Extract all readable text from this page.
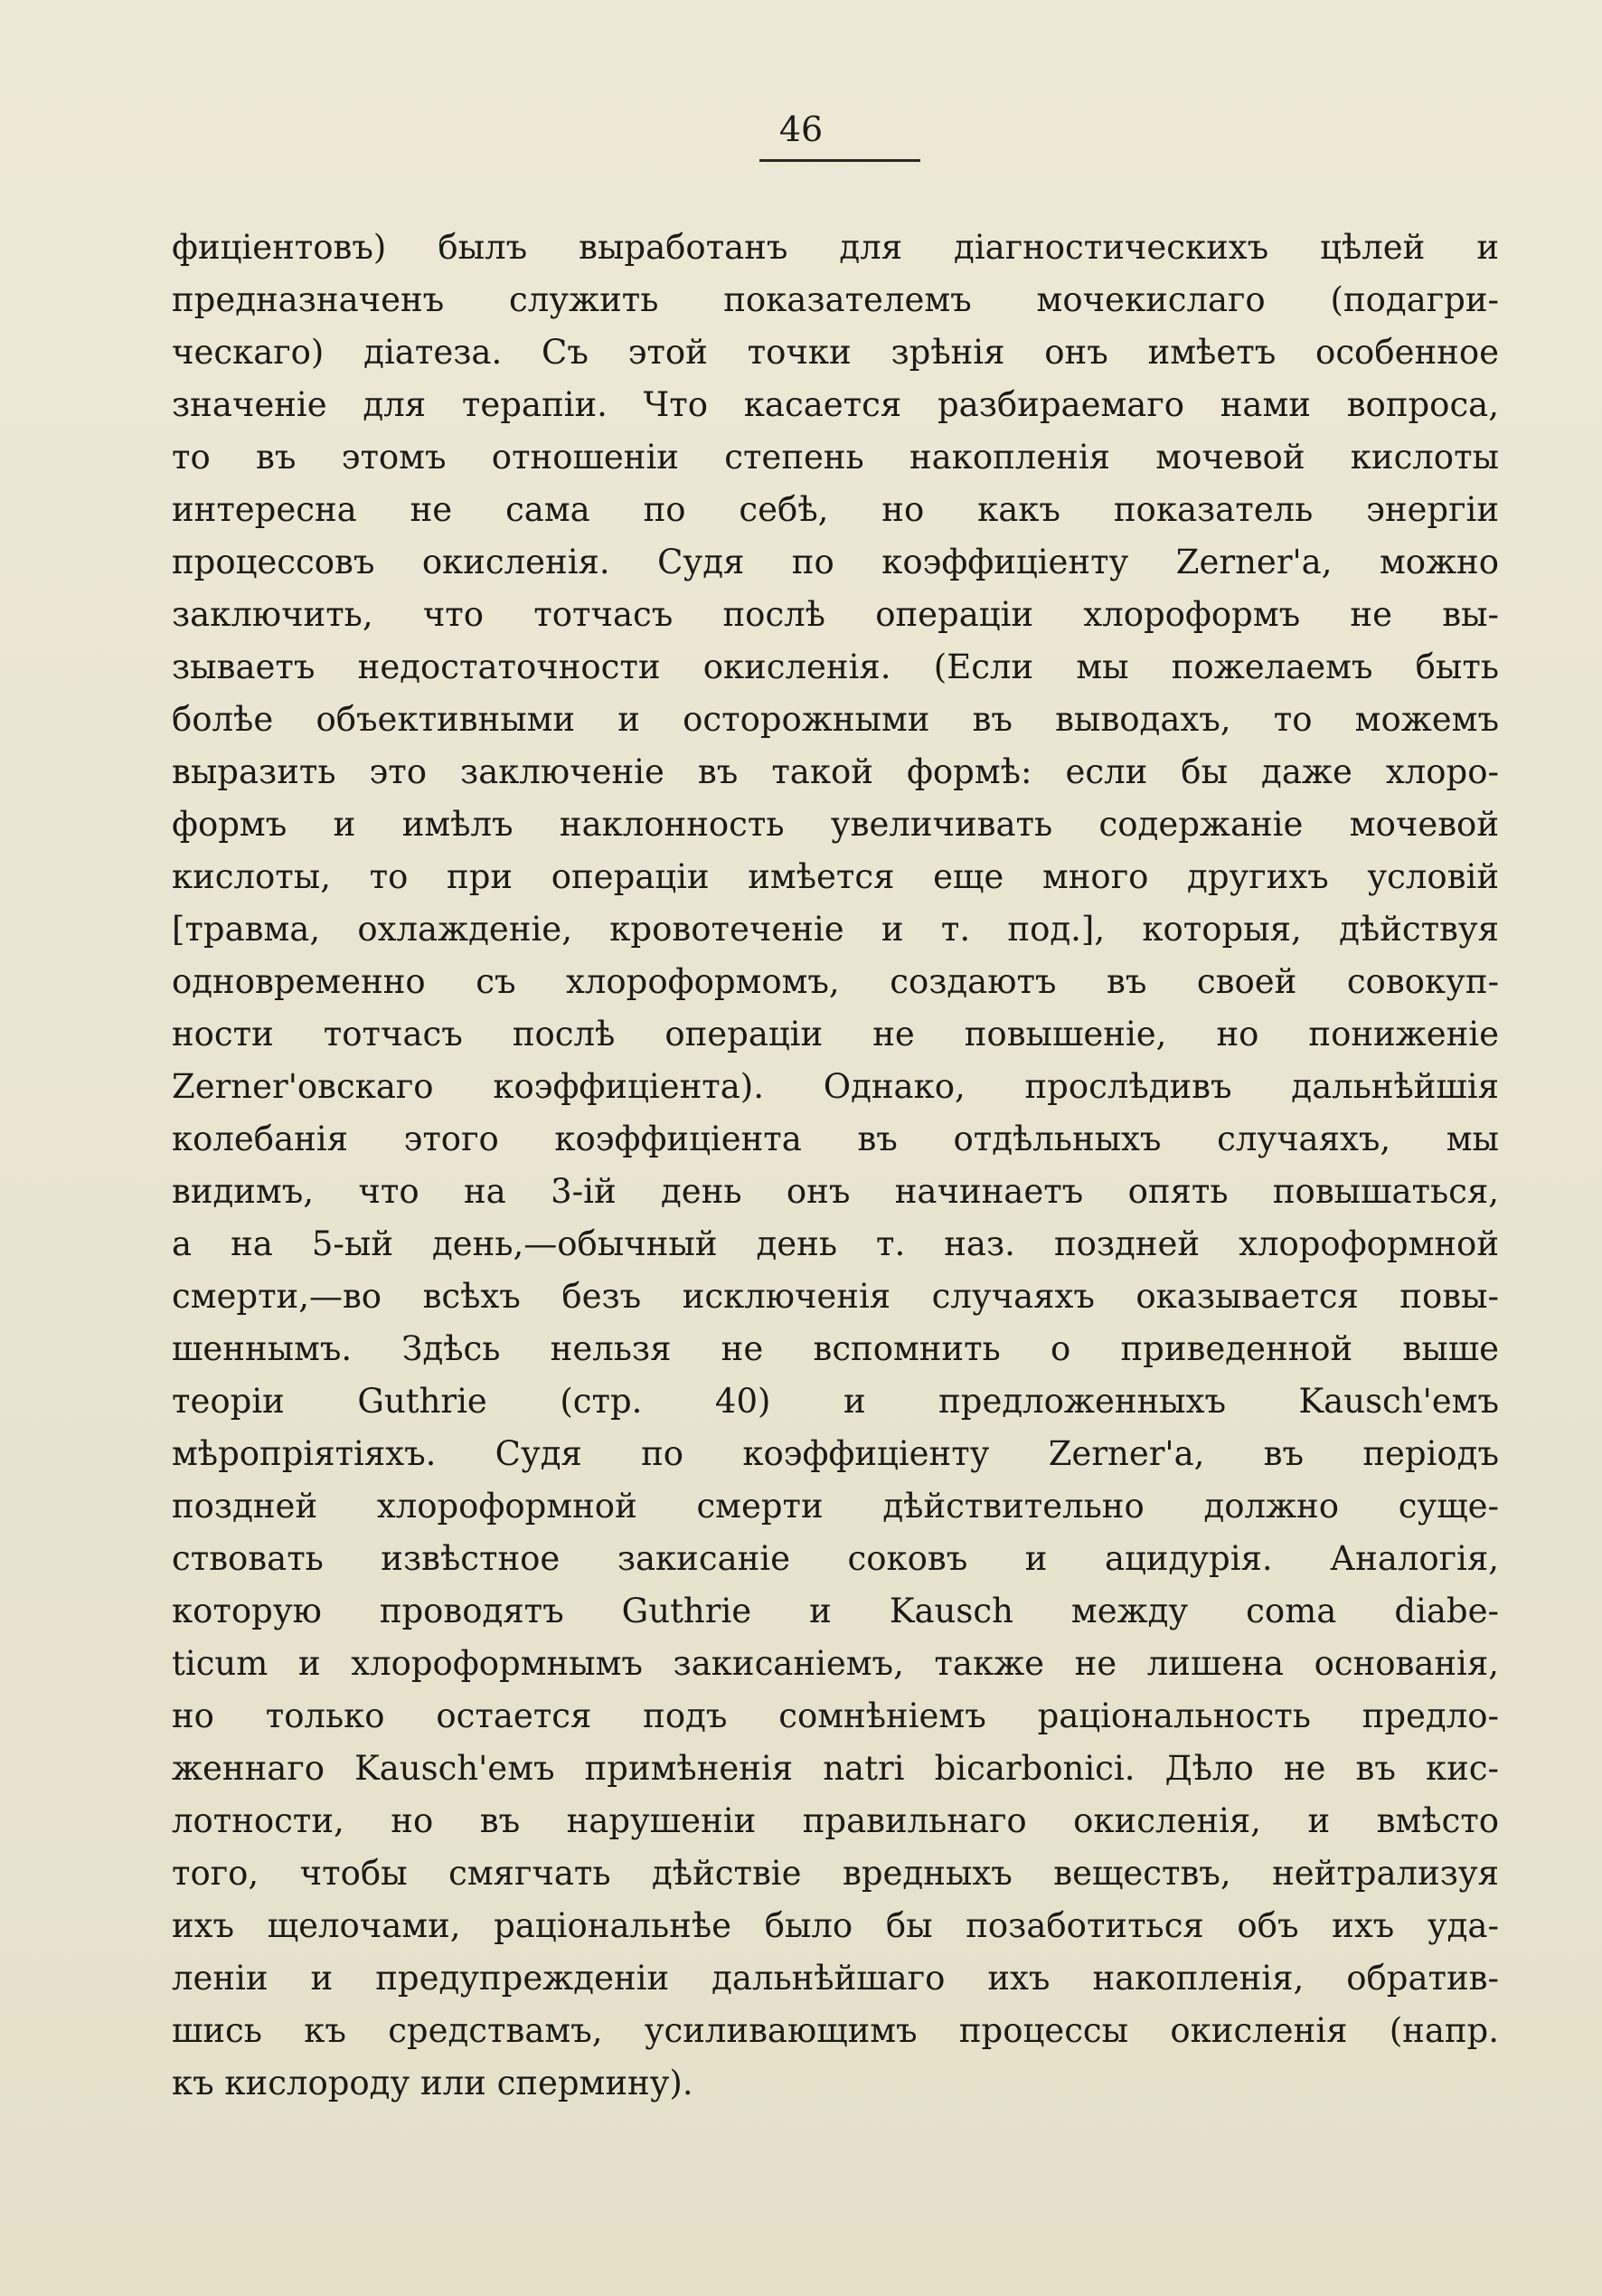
46
фиціентовъ) былъ выработанъ для діагностическихъ цѣлей и
предназначенъ служить показателемъ мочекислаго (подагри-
ческаго) діатеза. Съ этой точки зрѣнія онъ имѣетъ особенное
значеніе для терапіи. Что касается разбираемаго нами вопроса,
то въ этомъ отношеніи степень накопленія мочевой кислоты
интересна не сама по себѣ, но какъ показатель энергіи
процессовъ окисленія. Судя по коэффиціенту Zerner'a, можно
заключить, что тотчасъ послѣ операціи хлороформъ не вы-
зываетъ недостаточности окисленія. (Если мы пожелаемъ быть
болѣе объективными и осторожными въ выводахъ, то можемъ
выразить это заключеніе въ такой формѣ: если бы даже хлоро-
формъ и имѣлъ наклонность увеличивать содержаніе мочевой
кислоты, то при операціи имѣется еще много другихъ условій
[травма, охлажденіе, кровотеченіе и т. под.], которыя, дѣйствуя
одновременно съ хлороформомъ, создаютъ въ своей совокуп-
ности тотчасъ послѣ операціи не повышеніе, но пониженіе
Zerner'овскаго коэффиціента). Однако, прослѣдивъ дальнѣйшія
колебанія этого коэффиціента въ отдѣльныхъ случаяхъ, мы
видимъ, что на 3-ій день онъ начинаетъ опять повышаться,
а на 5-ый день,—обычный день т. наз. поздней хлороформной
смерти,—во всѣхъ безъ исключенія случаяхъ оказывается повы-
шеннымъ. Здѣсь нельзя не вспомнить о приведенной выше
теоріи Guthrie (стр. 40) и предложенныхъ Kausch'емъ
мѣропріятіяхъ. Судя по коэффиціенту Zerner'a, въ періодъ
поздней хлороформной смерти дѣйствительно должно суще-
ствовать извѣстное закисаніе соковъ и ацидурія. Аналогія,
которую проводятъ Guthrie и Kausch между coma diabe-
ticum и хлороформнымъ закисаніемъ, также не лишена основанія,
но только остается подъ сомнѣніемъ раціональность предло-
женнаго Kausch'емъ примѣненія natri bicarbonici. Дѣло не въ кис-
лотности, но въ нарушеніи правильнаго окисленія, и вмѣсто
того, чтобы смягчать дѣйствіе вредныхъ веществъ, нейтрализуя
ихъ щелочами, раціональнѣе было бы позаботиться объ ихъ уда-
леніи и предупрежденіи дальнѣйшаго ихъ накопленія, обратив-
шись къ средствамъ, усиливающимъ процессы окисленія (напр.
къ кислороду или спермину).
